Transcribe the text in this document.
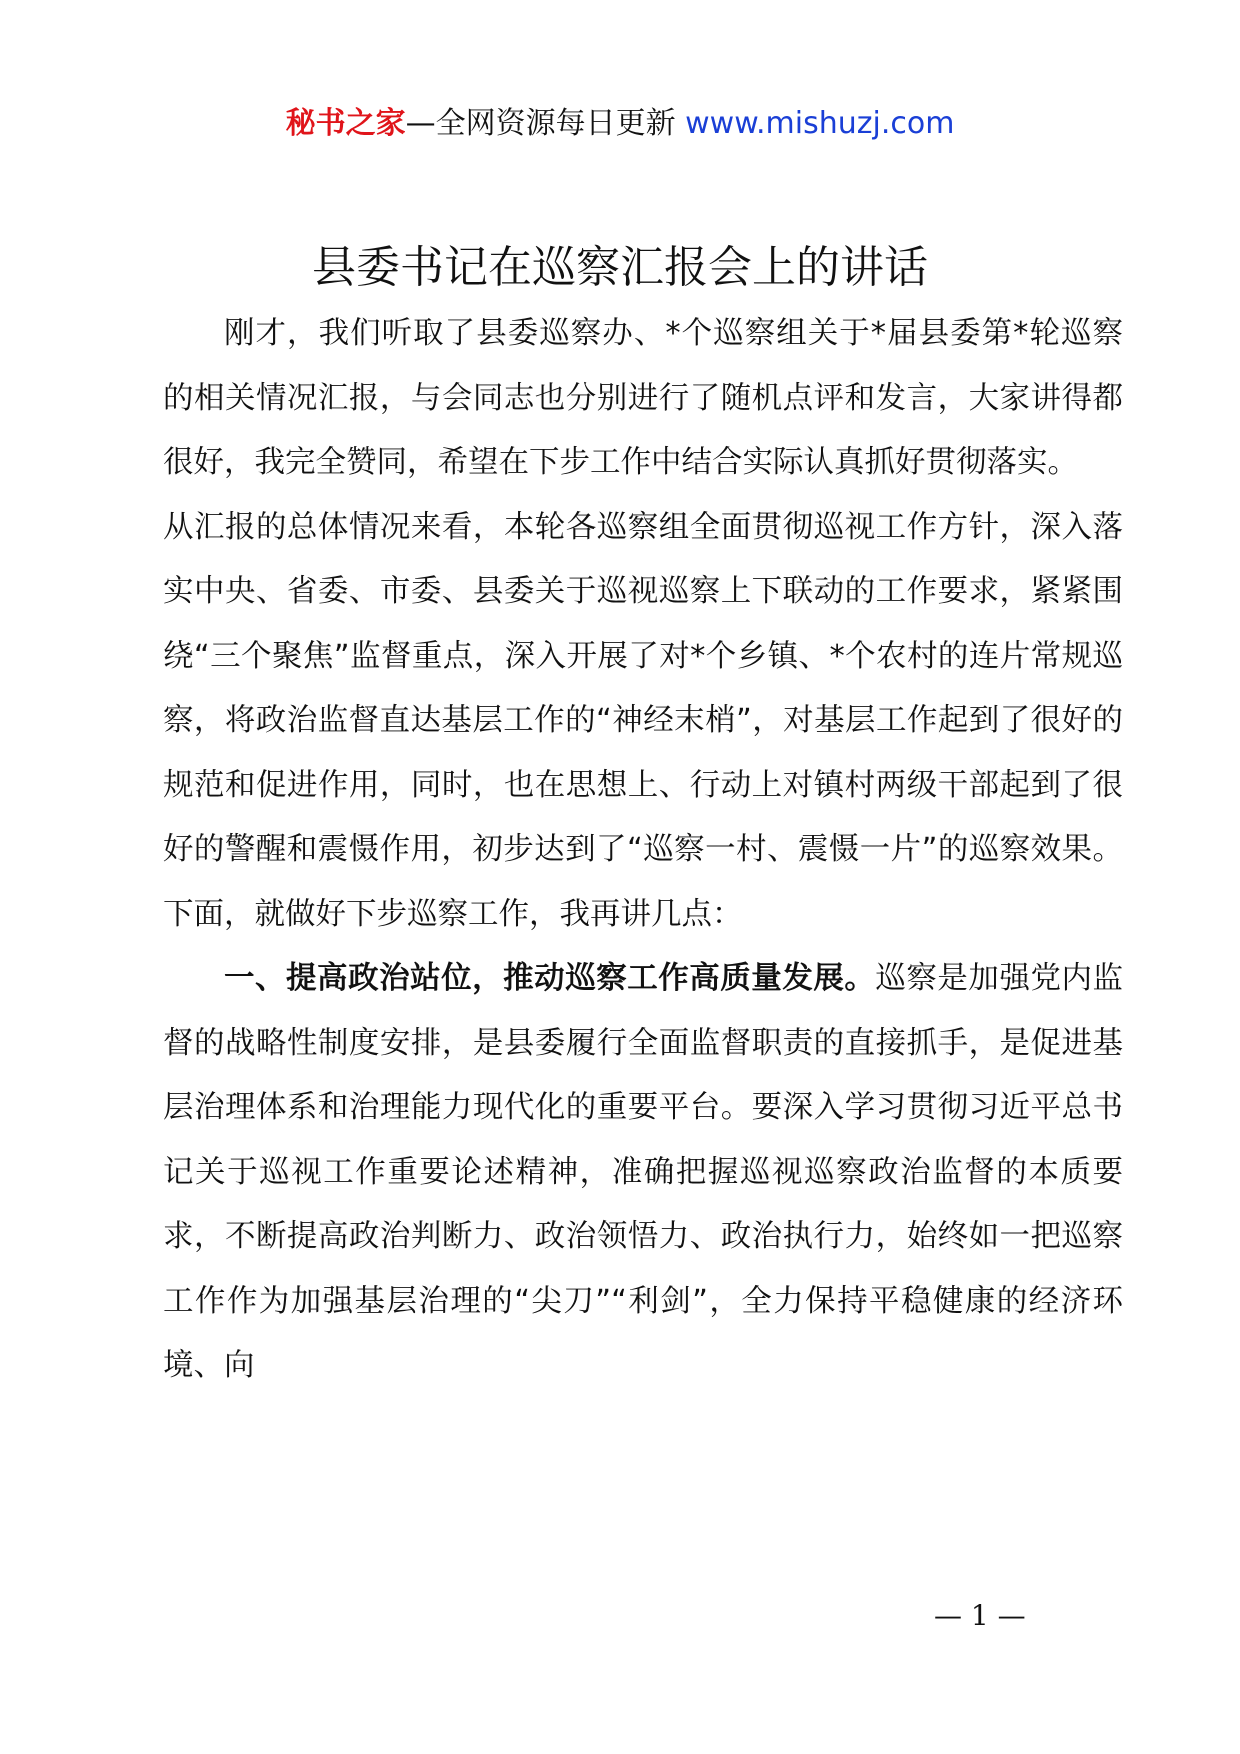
秘书之家—全网资源每日更新 www.mishuzj.com
县委书记在巡察汇报会上的讲话

刚才，我们听取了县委巡察办、*个巡察组关于*届县委第*轮巡察的相关情况汇报，与会同志也分别进行了随机点评和发言，大家讲得都很好，我完全赞同，希望在下步工作中结合实际认真抓好贯彻落实。

从汇报的总体情况来看，本轮各巡察组全面贯彻巡视工作方针，深入落实中央、省委、市委、县委关于巡视巡察上下联动的工作要求，紧紧围绕“三个聚焦”监督重点，深入开展了对*个乡镇、*个农村的连片常规巡察，将政治监督直达基层工作的“神经末梢”，对基层工作起到了很好的规范和促进作用，同时，也在思想上、行动上对镇村两级干部起到了很好的警醒和震慑作用，初步达到了“巡察一村、震慑一片”的巡察效果。下面，就做好下步巡察工作，我再讲几点：

一、提高政治站位，推动巡察工作高质量发展。巡察是加强党内监督的战略性制度安排，是县委履行全面监督职责的直接抓手，是促进基层治理体系和治理能力现代化的重要平台。要深入学习贯彻习近平总书记关于巡视工作重要论述精神，准确把握巡视巡察政治监督的本质要求，不断提高政治判断力、政治领悟力、政治执行力，始终如一把巡察工作作为加强基层治理的“尖刀”“利剑”，全力保持平稳健康的经济环境、向

— 1 —
